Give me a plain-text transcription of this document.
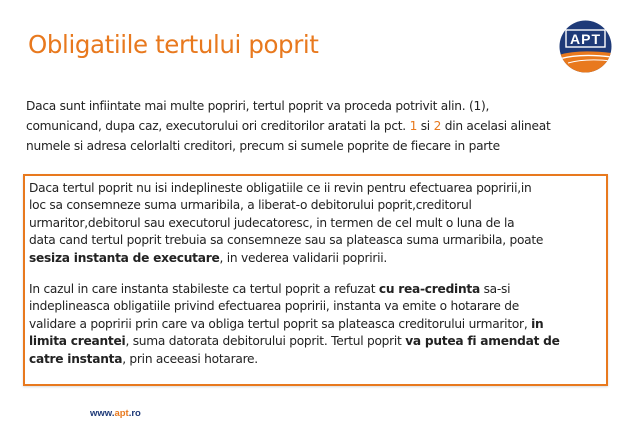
Obligatiile tertului poprit	APT
Daca sunt infiintate mai multe popriri, tertul poprit va proceda potrivit alin. (1),
comunicand, dupa caz, executorului ori creditorilor aratati la pct. 1 si 2 din acelasi alineat
numele si adresa celorlalti creditori, precum si sumele poprite de fiecare in parte

Daca tertul poprit nu isi indeplineste obligatiile ce ii revin pentru efectuarea popririi,in
loc sa consemneze suma urmaribila, a liberat-o debitorului poprit,creditorul
urmaritor,debitorul sau executorul judecatoresc, in termen de cel mult o luna de la
data cand tertul poprit trebuia sa consemneze sau sa plateasca suma urmaribila, poate
sesiza instanta de executare, in vederea validarii popririi.

In cazul in care instanta stabileste ca tertul poprit a refuzat cu rea-credinta sa-si
indeplineasca obligatiile privind efectuarea popririi, instanta va emite o hotarare de
validare a popririi prin care va obliga tertul poprit sa plateasca creditorului urmaritor, in
limita creantei, suma datorata debitorului poprit. Tertul poprit va putea fi amendat de
catre instanta, prin aceeasi hotarare.

www.apt.ro
